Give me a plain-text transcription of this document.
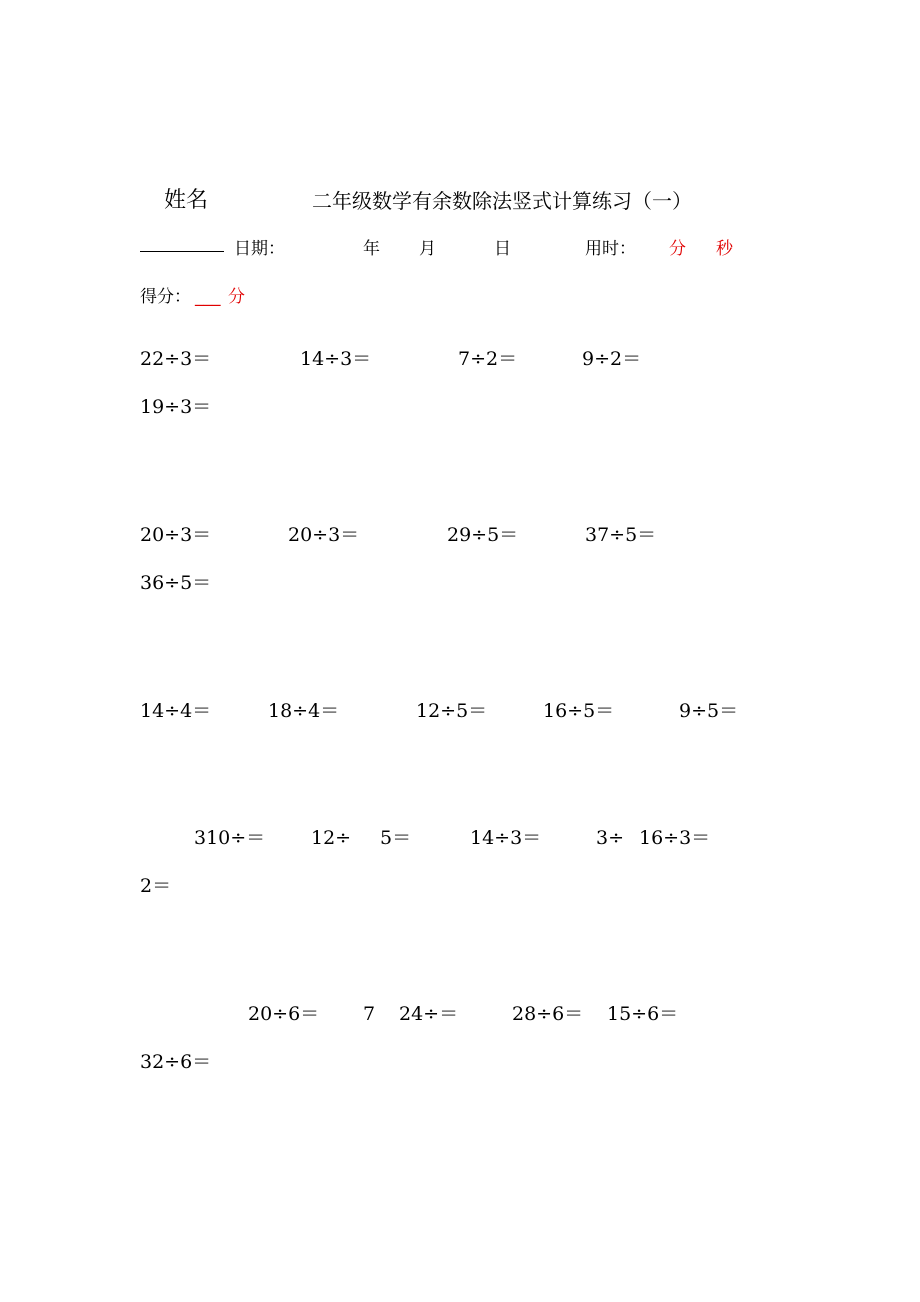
姓名	二年级数学有余数除法竖式计算练习（一）
日期：	年 月	日	用时： 分 秒
得分： ___ 分
22÷3＝	14÷3＝	7÷2＝	9÷2＝
19÷3＝
20÷3＝	20÷3＝	29÷5＝	37÷5＝
36÷5＝
14÷4＝	18÷4＝	12÷5＝	16÷5＝	9÷5＝
310÷＝ 12÷ 5＝	14÷3＝	3÷ 16÷3＝
2＝
20÷6＝ 7 24÷＝	28÷6＝ 15÷6＝
32÷6＝
